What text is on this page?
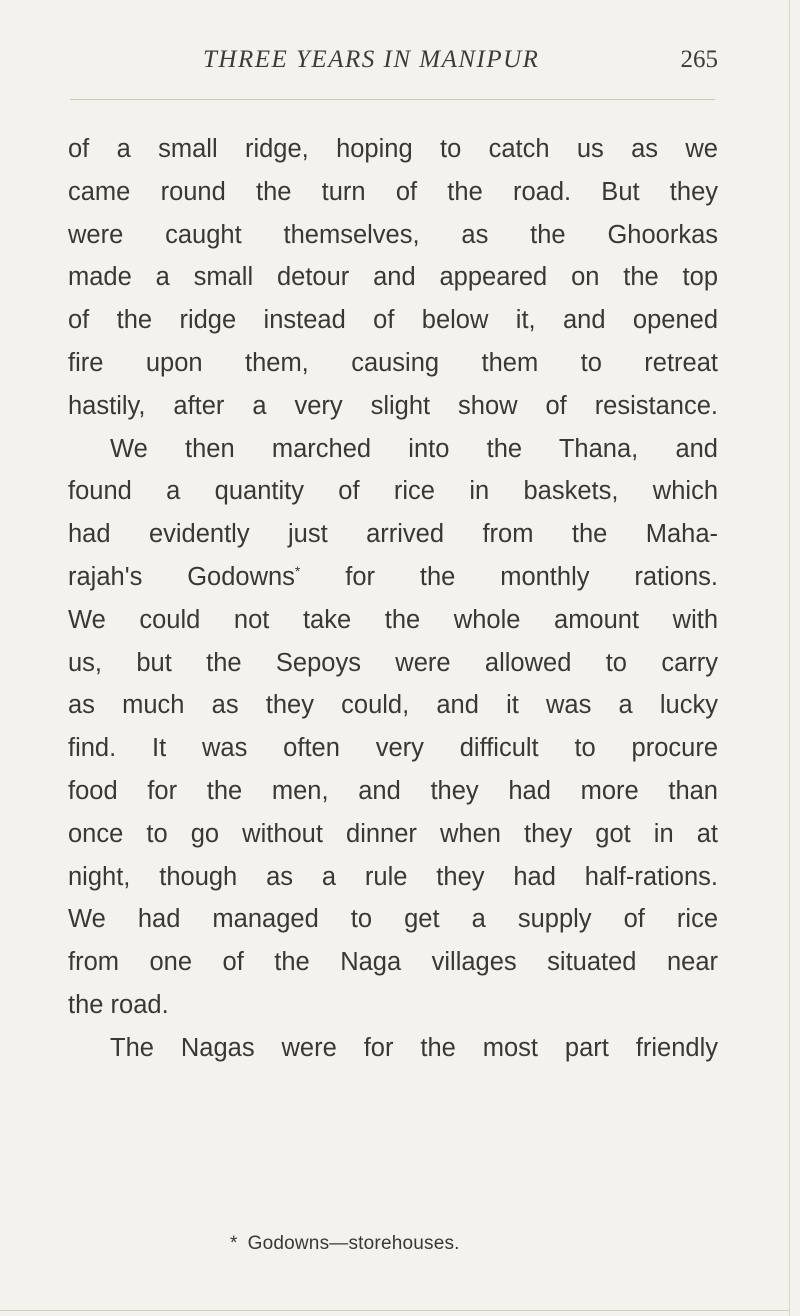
THREE YEARS IN MANIPUR	265
of a small ridge, hoping to catch us as we
came round the turn of the road. But they
were caught themselves, as the Ghoorkas
made a small detour and appeared on the top
of the ridge instead of below it, and opened
fire upon them, causing them to retreat
hastily, after a very slight show of resistance.
We then marched into the Thana, and
found a quantity of rice in baskets, which
had evidently just arrived from the Maha-
rajah's Godowns* for the monthly rations.
We could not take the whole amount with
us, but the Sepoys were allowed to carry
as much as they could, and it was a lucky
find. It was often very difficult to procure
food for the men, and they had more than
once to go without dinner when they got in at
night, though as a rule they had half-rations.
We had managed to get a supply of rice
from one of the Naga villages situated near
the road.
The Nagas were for the most part friendly
* Godowns—storehouses.
